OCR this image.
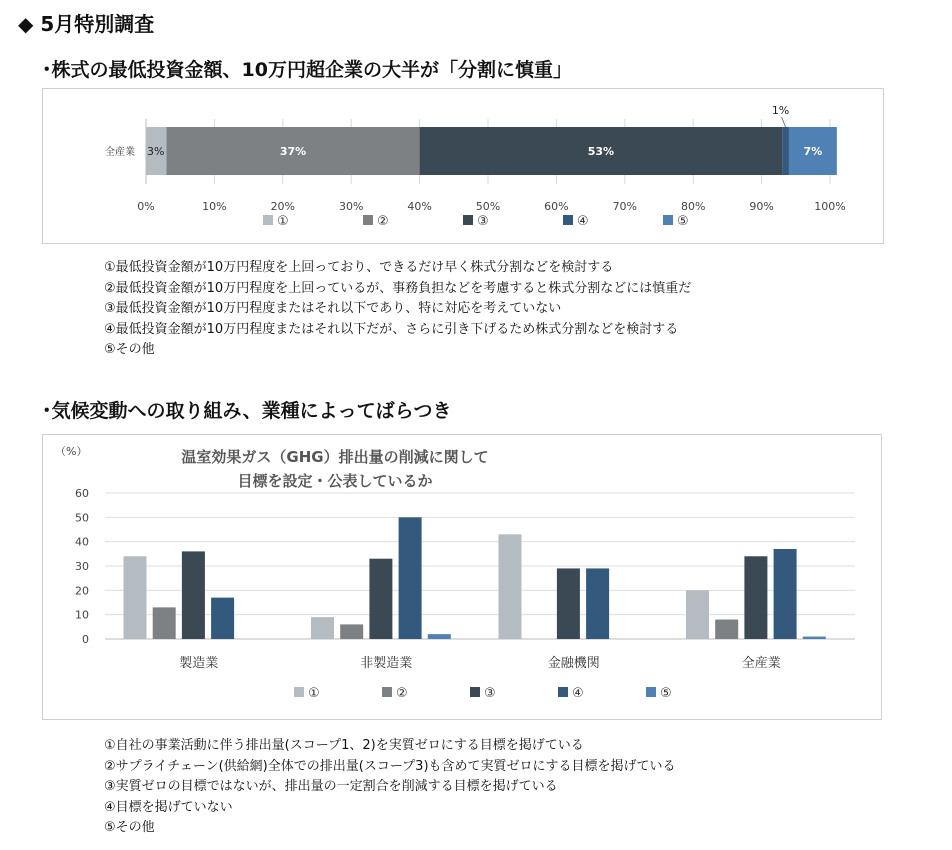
◆ 5月特別調査
･株式の最低投資金額、10万円超企業の大半が「分割に慎重」
0%	10%	20%	30%	40%	50%	60%	70%	80%	90%	100%
全産業 3%	37%	53%
1%
7%
①	②	③	④	⑤
①最低投資金額が10万円程度を上回っており、できるだけ早く株式分割などを検討する
②最低投資金額が10万円程度を上回っているが、事務負担などを考慮すると株式分割などには慎重だ
③最低投資金額が10万円程度またはそれ以下であり、特に対応を考えていない
④最低投資金額が10万円程度またはそれ以下だが、さらに引き下げるため株式分割などを検討する
⑤その他
･気候変動への取り組み、業種によってばらつき
（%）	温室効果ガス（GHG）排出量の削減に関して
目標を設定・公表しているか
0
10
20
30
40
50
60
製造業	非製造業	金融機関	全産業
①	②	③	④	⑤
①自社の事業活動に伴う排出量(スコープ1、2)を実質ゼロにする目標を掲げている
②サプライチェーン(供給網)全体での排出量(スコープ3)も含めて実質ゼロにする目標を掲げている
③実質ゼロの目標ではないが、排出量の一定割合を削減する目標を掲げている
④目標を掲げていない
⑤その他
